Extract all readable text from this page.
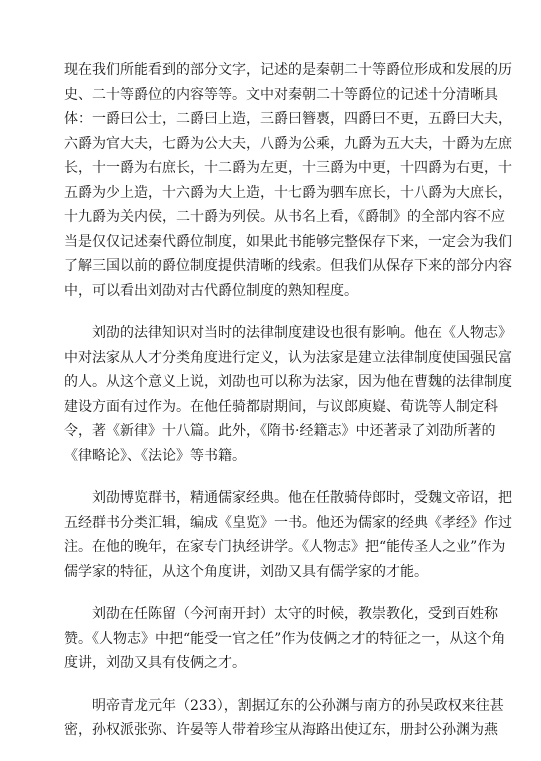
现在我们所能看到的部分文字，记述的是秦朝二十等爵位形成和发展的历
史、二十等爵位的内容等等。文中对秦朝二十等爵位的记述十分清晰具
体：一爵曰公士，二爵曰上造，三爵曰簪褭，四爵曰不更，五爵曰大夫，
六爵为官大夫，七爵为公大夫，八爵为公乘，九爵为五大夫，十爵为左庶
长，十一爵为右庶长，十二爵为左更，十三爵为中更，十四爵为右更，十
五爵为少上造，十六爵为大上造，十七爵为驷车庶长，十八爵为大庶长，
十九爵为关内侯，二十爵为列侯。从书名上看，《爵制》的全部内容不应
当是仅仅记述秦代爵位制度，如果此书能够完整保存下来，一定会为我们
了解三国以前的爵位制度提供清晰的线索。但我们从保存下来的部分内容
中，可以看出刘劭对古代爵位制度的熟知程度。

　　刘劭的法律知识对当时的法律制度建设也很有影响。他在《人物志》
中对法家从人才分类角度进行定义，认为法家是建立法律制度使国强民富
的人。从这个意义上说，刘劭也可以称为法家，因为他在曹魏的法律制度
建设方面有过作为。在他任骑都尉期间，与议郎庾嶷、荀诜等人制定科
令，著《新律》十八篇。此外，《隋书·经籍志》中还著录了刘劭所著的
《律略论》、《法论》等书籍。

　　刘劭博览群书，精通儒家经典。他在任散骑侍郎时，受魏文帝诏，把
五经群书分类汇辑，编成《皇览》一书。他还为儒家的经典《孝经》作过
注。在他的晚年，在家专门执经讲学。《人物志》把“能传圣人之业”作为
儒学家的特征，从这个角度讲，刘劭又具有儒学家的才能。

　　刘劭在任陈留（今河南开封）太守的时候，教崇教化，受到百姓称
赞。《人物志》中把“能受一官之任”作为伎俩之才的特征之一，从这个角
度讲，刘劭又具有伎俩之才。

　　明帝青龙元年（233），割据辽东的公孙渊与南方的孙吴政权来往甚
密，孙权派张弥、许晏等人带着珍宝从海路出使辽东，册封公孙渊为燕
